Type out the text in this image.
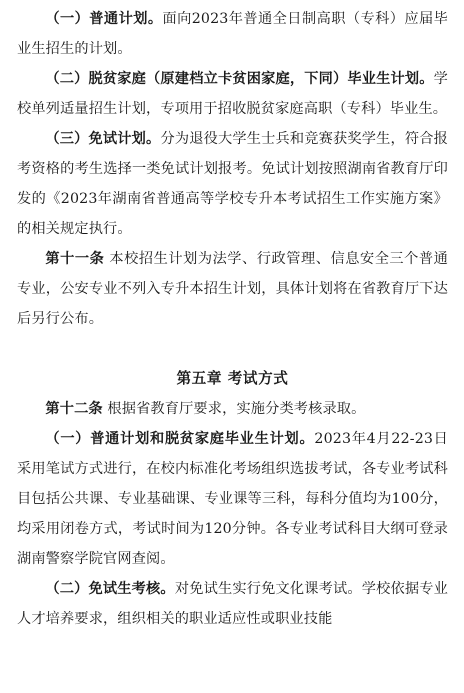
（一）普通计划。面向2023年普通全日制高职（专科）应届毕业生招生的计划。

（二）脱贫家庭（原建档立卡贫困家庭，下同）毕业生计划。学校单列适量招生计划，专项用于招收脱贫家庭高职（专科）毕业生。

（三）免试计划。分为退役大学生士兵和竞赛获奖学生，符合报考资格的考生选择一类免试计划报考。免试计划按照湖南省教育厅印发的《2023年湖南省普通高等学校专升本考试招生工作实施方案》的相关规定执行。

第十一条 本校招生计划为法学、行政管理、信息安全三个普通专业，公安专业不列入专升本招生计划，具体计划将在省教育厅下达后另行公布。

第五章 考试方式

第十二条 根据省教育厅要求，实施分类考核录取。

（一）普通计划和脱贫家庭毕业生计划。2023年4月22-23日采用笔试方式进行，在校内标准化考场组织选拔考试，各专业考试科目包括公共课、专业基础课、专业课等三科，每科分值均为100分，均采用闭卷方式，考试时间为120分钟。各专业考试科目大纲可登录湖南警察学院官网查阅。

（二）免试生考核。对免试生实行免文化课考试。学校依据专业人才培养要求，组织相关的职业适应性或职业技能
